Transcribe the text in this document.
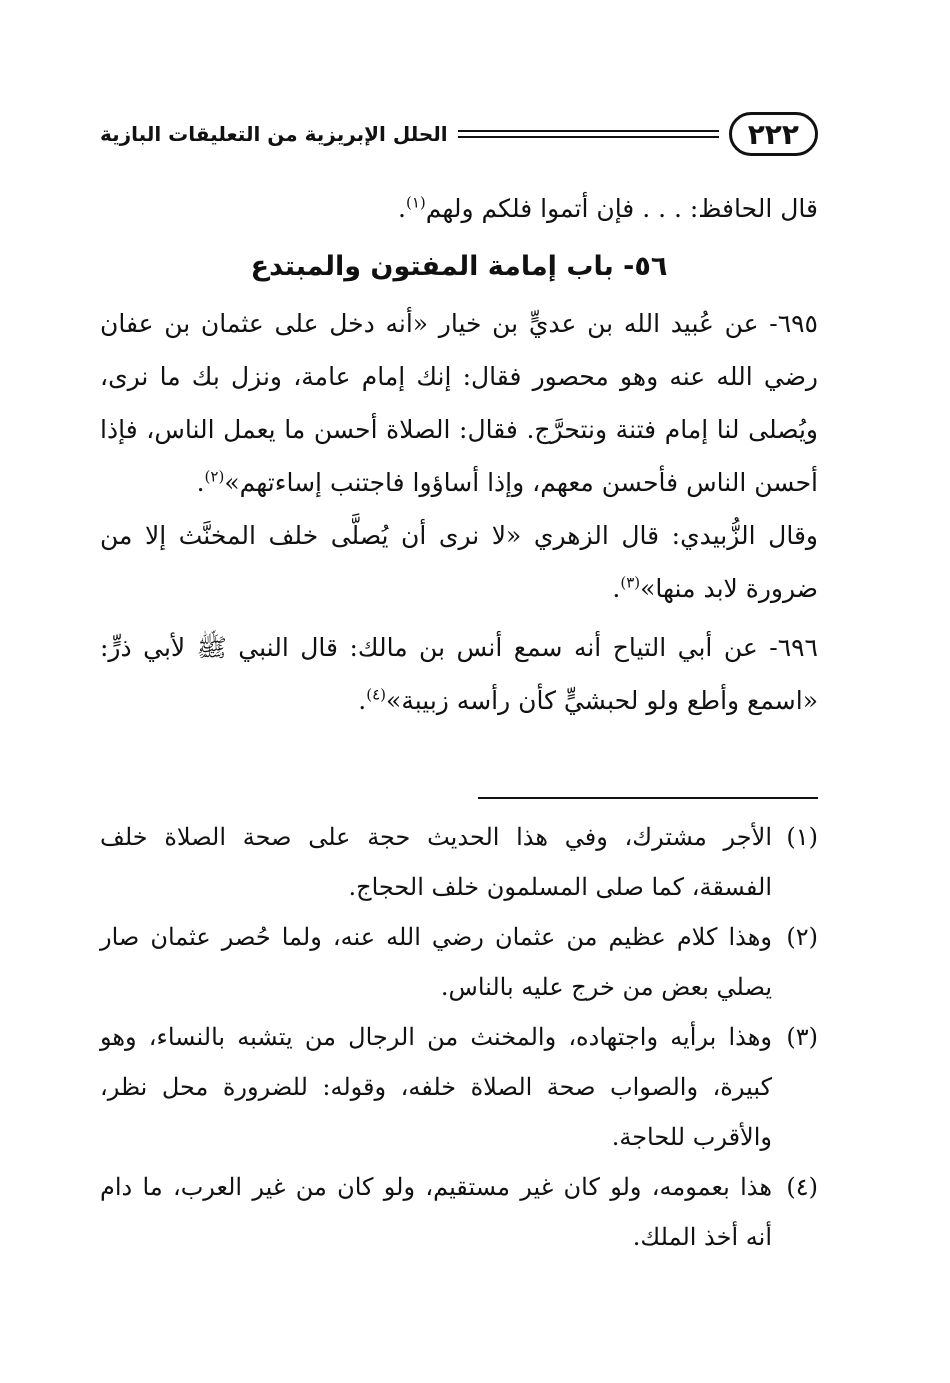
٢٢٢
الحلل الإبريزية من التعليقات البازية

قال الحافظ: . . . فإن أتموا فلكم ولهم$^{(١)}$.

٥٦- باب إمامة المفتون والمبتدع

٦٩٥- عن عُبيد الله بن عديٍّ بن خيار «أنه دخل على عثمان بن عفان رضي الله عنه وهو محصور فقال: إنك إمام عامة، ونزل بك ما نرى، ويُصلى لنا إمام فتنة ونتحرَّج. فقال: الصلاة أحسن ما يعمل الناس، فإذا أحسن الناس فأحسن معهم، وإذا أساؤوا فاجتنب إساءتهم»$^{(٢)}$.

وقال الزُّبيدي: قال الزهري «لا نرى أن يُصلَّى خلف المخنَّث إلا من ضرورة لابد منها»$^{(٣)}$.

٦٩٦- عن أبي التياح أنه سمع أنس بن مالك: قال النبي ﷺ لأبي ذرٍّ: «اسمع وأطع ولو لحبشيٍّ كأن رأسه زبيبة»$^{(٤)}$.

(١)
الأجر مشترك، وفي هذا الحديث حجة على صحة الصلاة خلف الفسقة، كما صلى المسلمون خلف الحجاج.

(٢)
وهذا كلام عظيم من عثمان رضي الله عنه، ولما حُصر عثمان صار يصلي بعض من خرج عليه بالناس.

(٣)
وهذا برأيه واجتهاده، والمخنث من الرجال من يتشبه بالنساء، وهو كبيرة، والصواب صحة الصلاة خلفه، وقوله: للضرورة محل نظر، والأقرب للحاجة.

(٤)
هذا بعمومه، ولو كان غير مستقيم، ولو كان من غير العرب، ما دام أنه أخذ الملك.
